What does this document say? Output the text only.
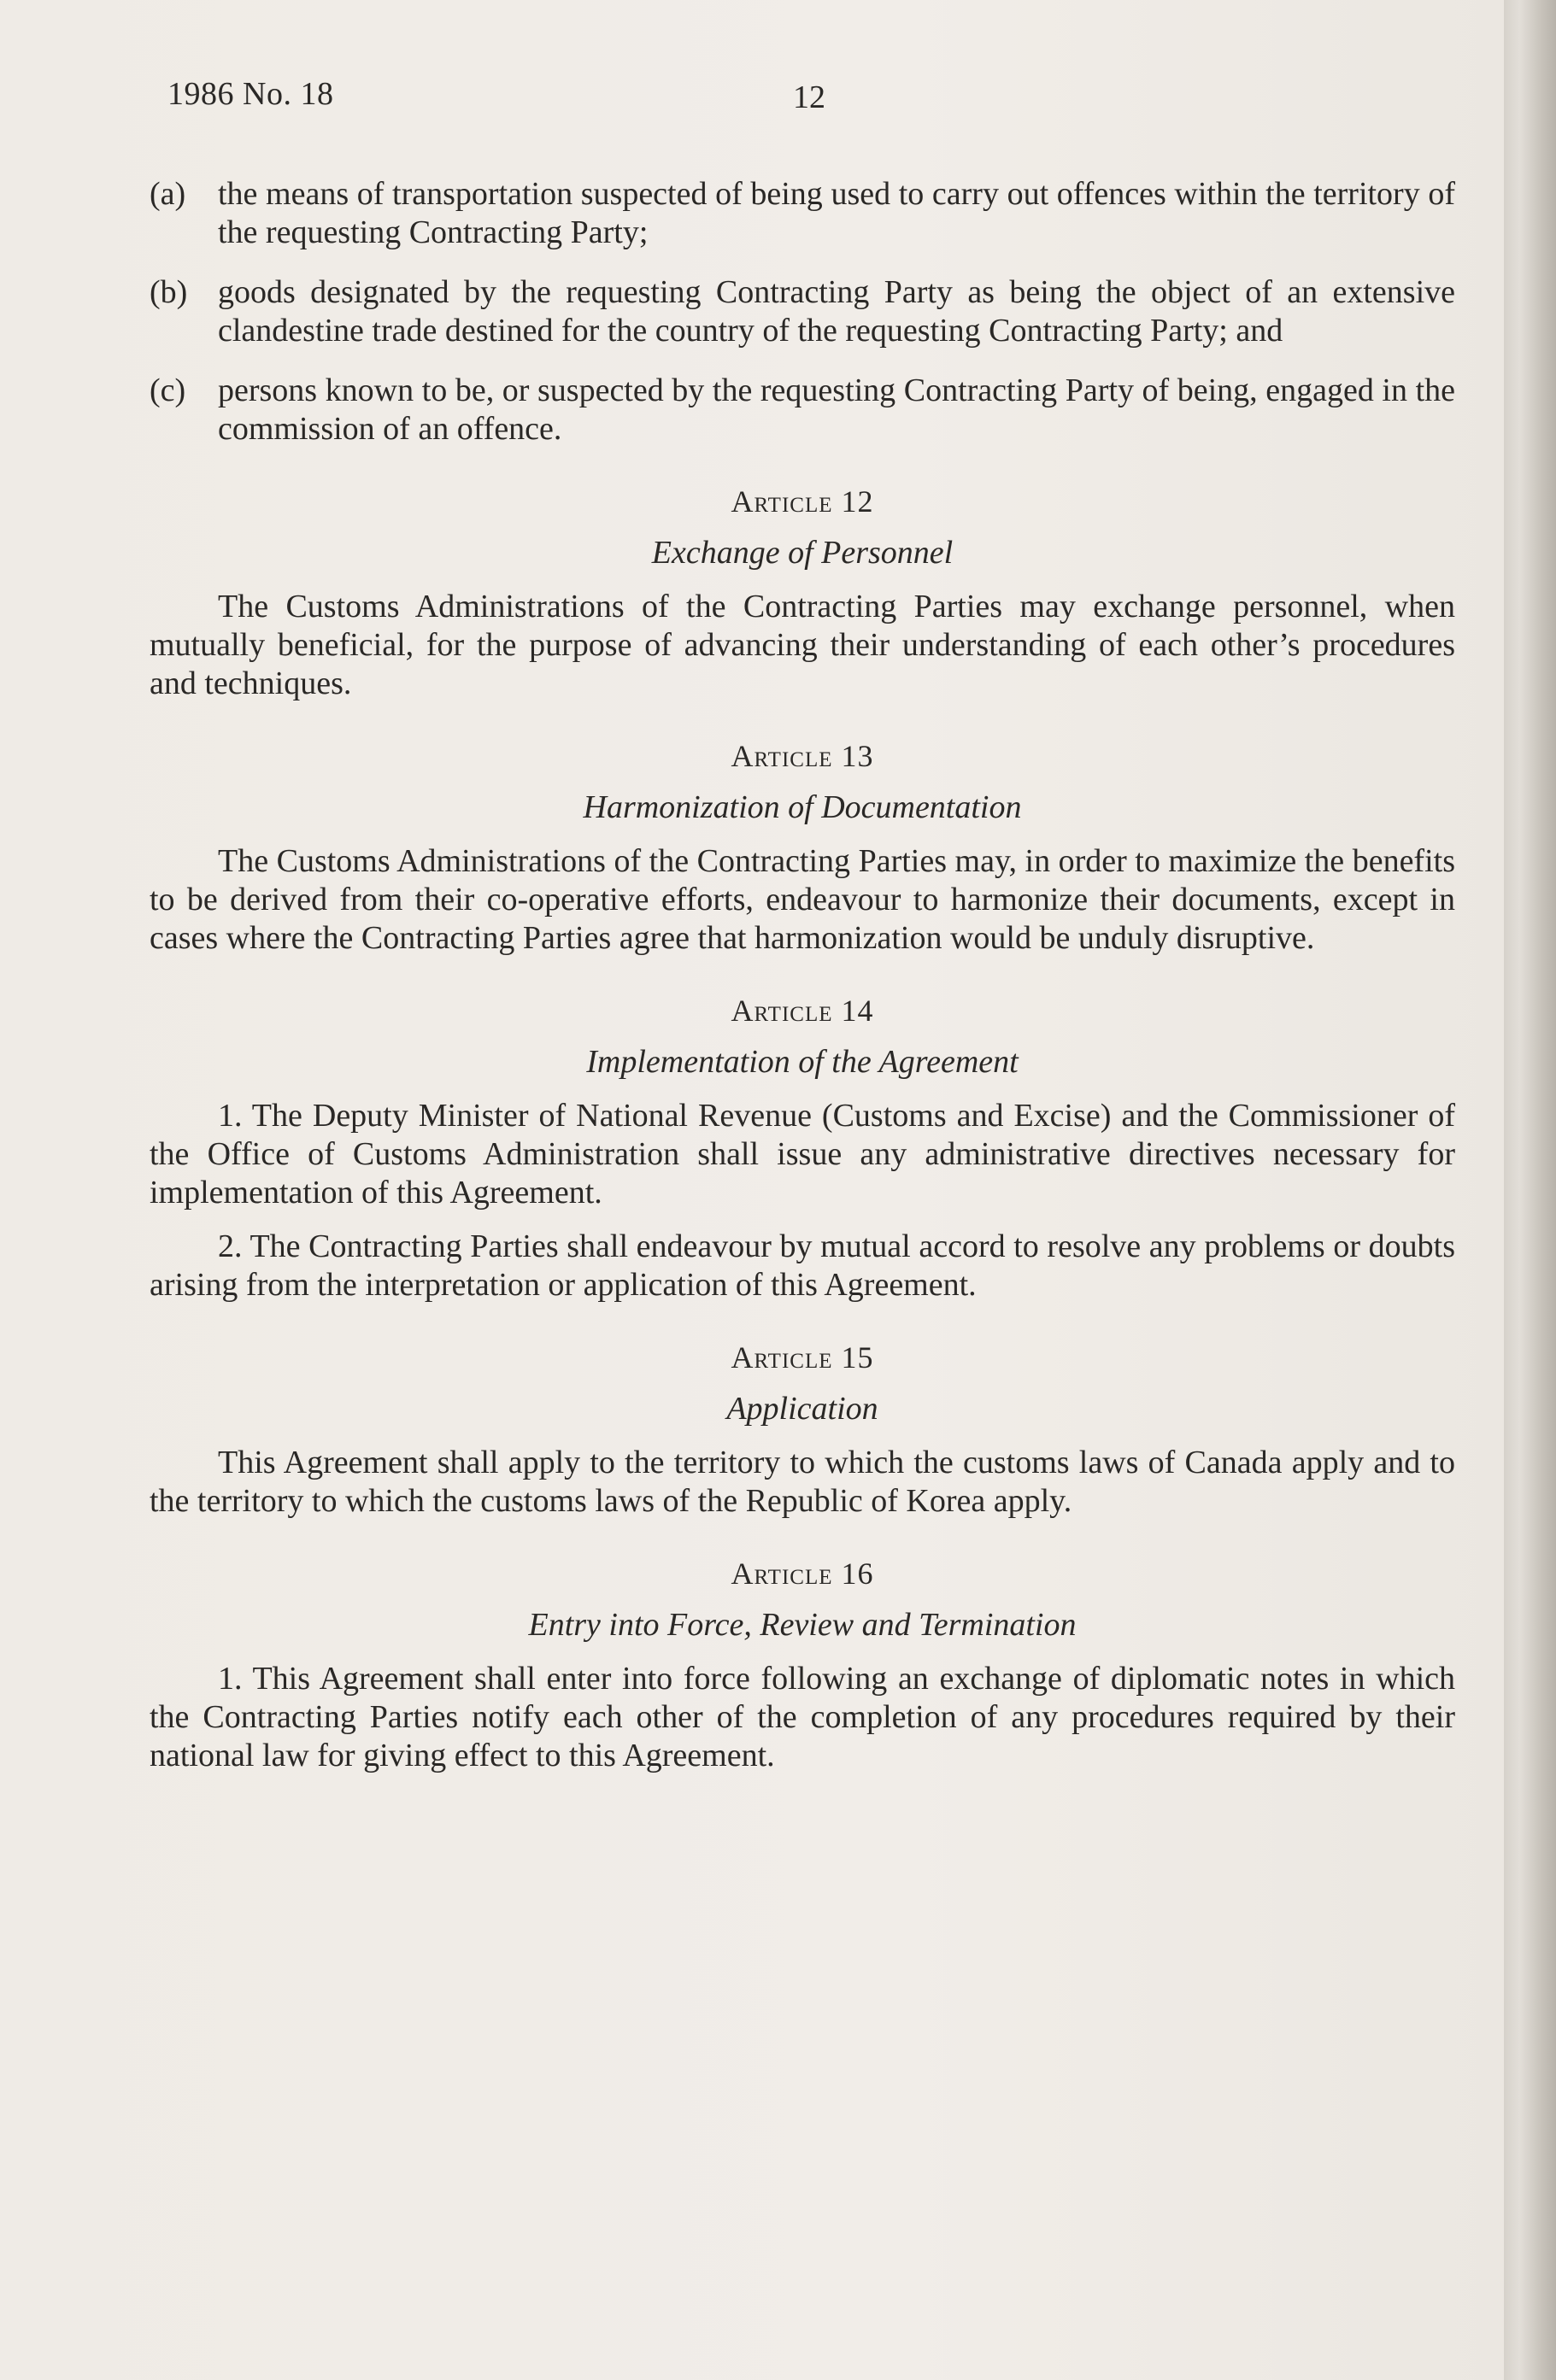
1986 No. 18	12
(a) the means of transportation suspected of being used to carry out offences within the territory of the requesting Contracting Party;
(b) goods designated by the requesting Contracting Party as being the object of an extensive clandestine trade destined for the country of the requesting Contracting Party; and
(c) persons known to be, or suspected by the requesting Contracting Party of being, engaged in the commission of an offence.
Article 12
Exchange of Personnel

The Customs Administrations of the Contracting Parties may exchange personnel, when mutually beneficial, for the purpose of advancing their understanding of each other’s procedures and techniques.

Article 13
Harmonization of Documentation

The Customs Administrations of the Contracting Parties may, in order to maximize the benefits to be derived from their co-operative efforts, endeavour to harmonize their documents, except in cases where the Contracting Parties agree that harmonization would be unduly disruptive.

Article 14
Implementation of the Agreement

1. The Deputy Minister of National Revenue (Customs and Excise) and the Commissioner of the Office of Customs Administration shall issue any administrative directives necessary for implementation of this Agreement.

2. The Contracting Parties shall endeavour by mutual accord to resolve any problems or doubts arising from the interpretation or application of this Agreement.

Article 15
Application

This Agreement shall apply to the territory to which the customs laws of Canada apply and to the territory to which the customs laws of the Republic of Korea apply.

Article 16
Entry into Force, Review and Termination

1. This Agreement shall enter into force following an exchange of diplomatic notes in which the Contracting Parties notify each other of the completion of any procedures required by their national law for giving effect to this Agreement.
